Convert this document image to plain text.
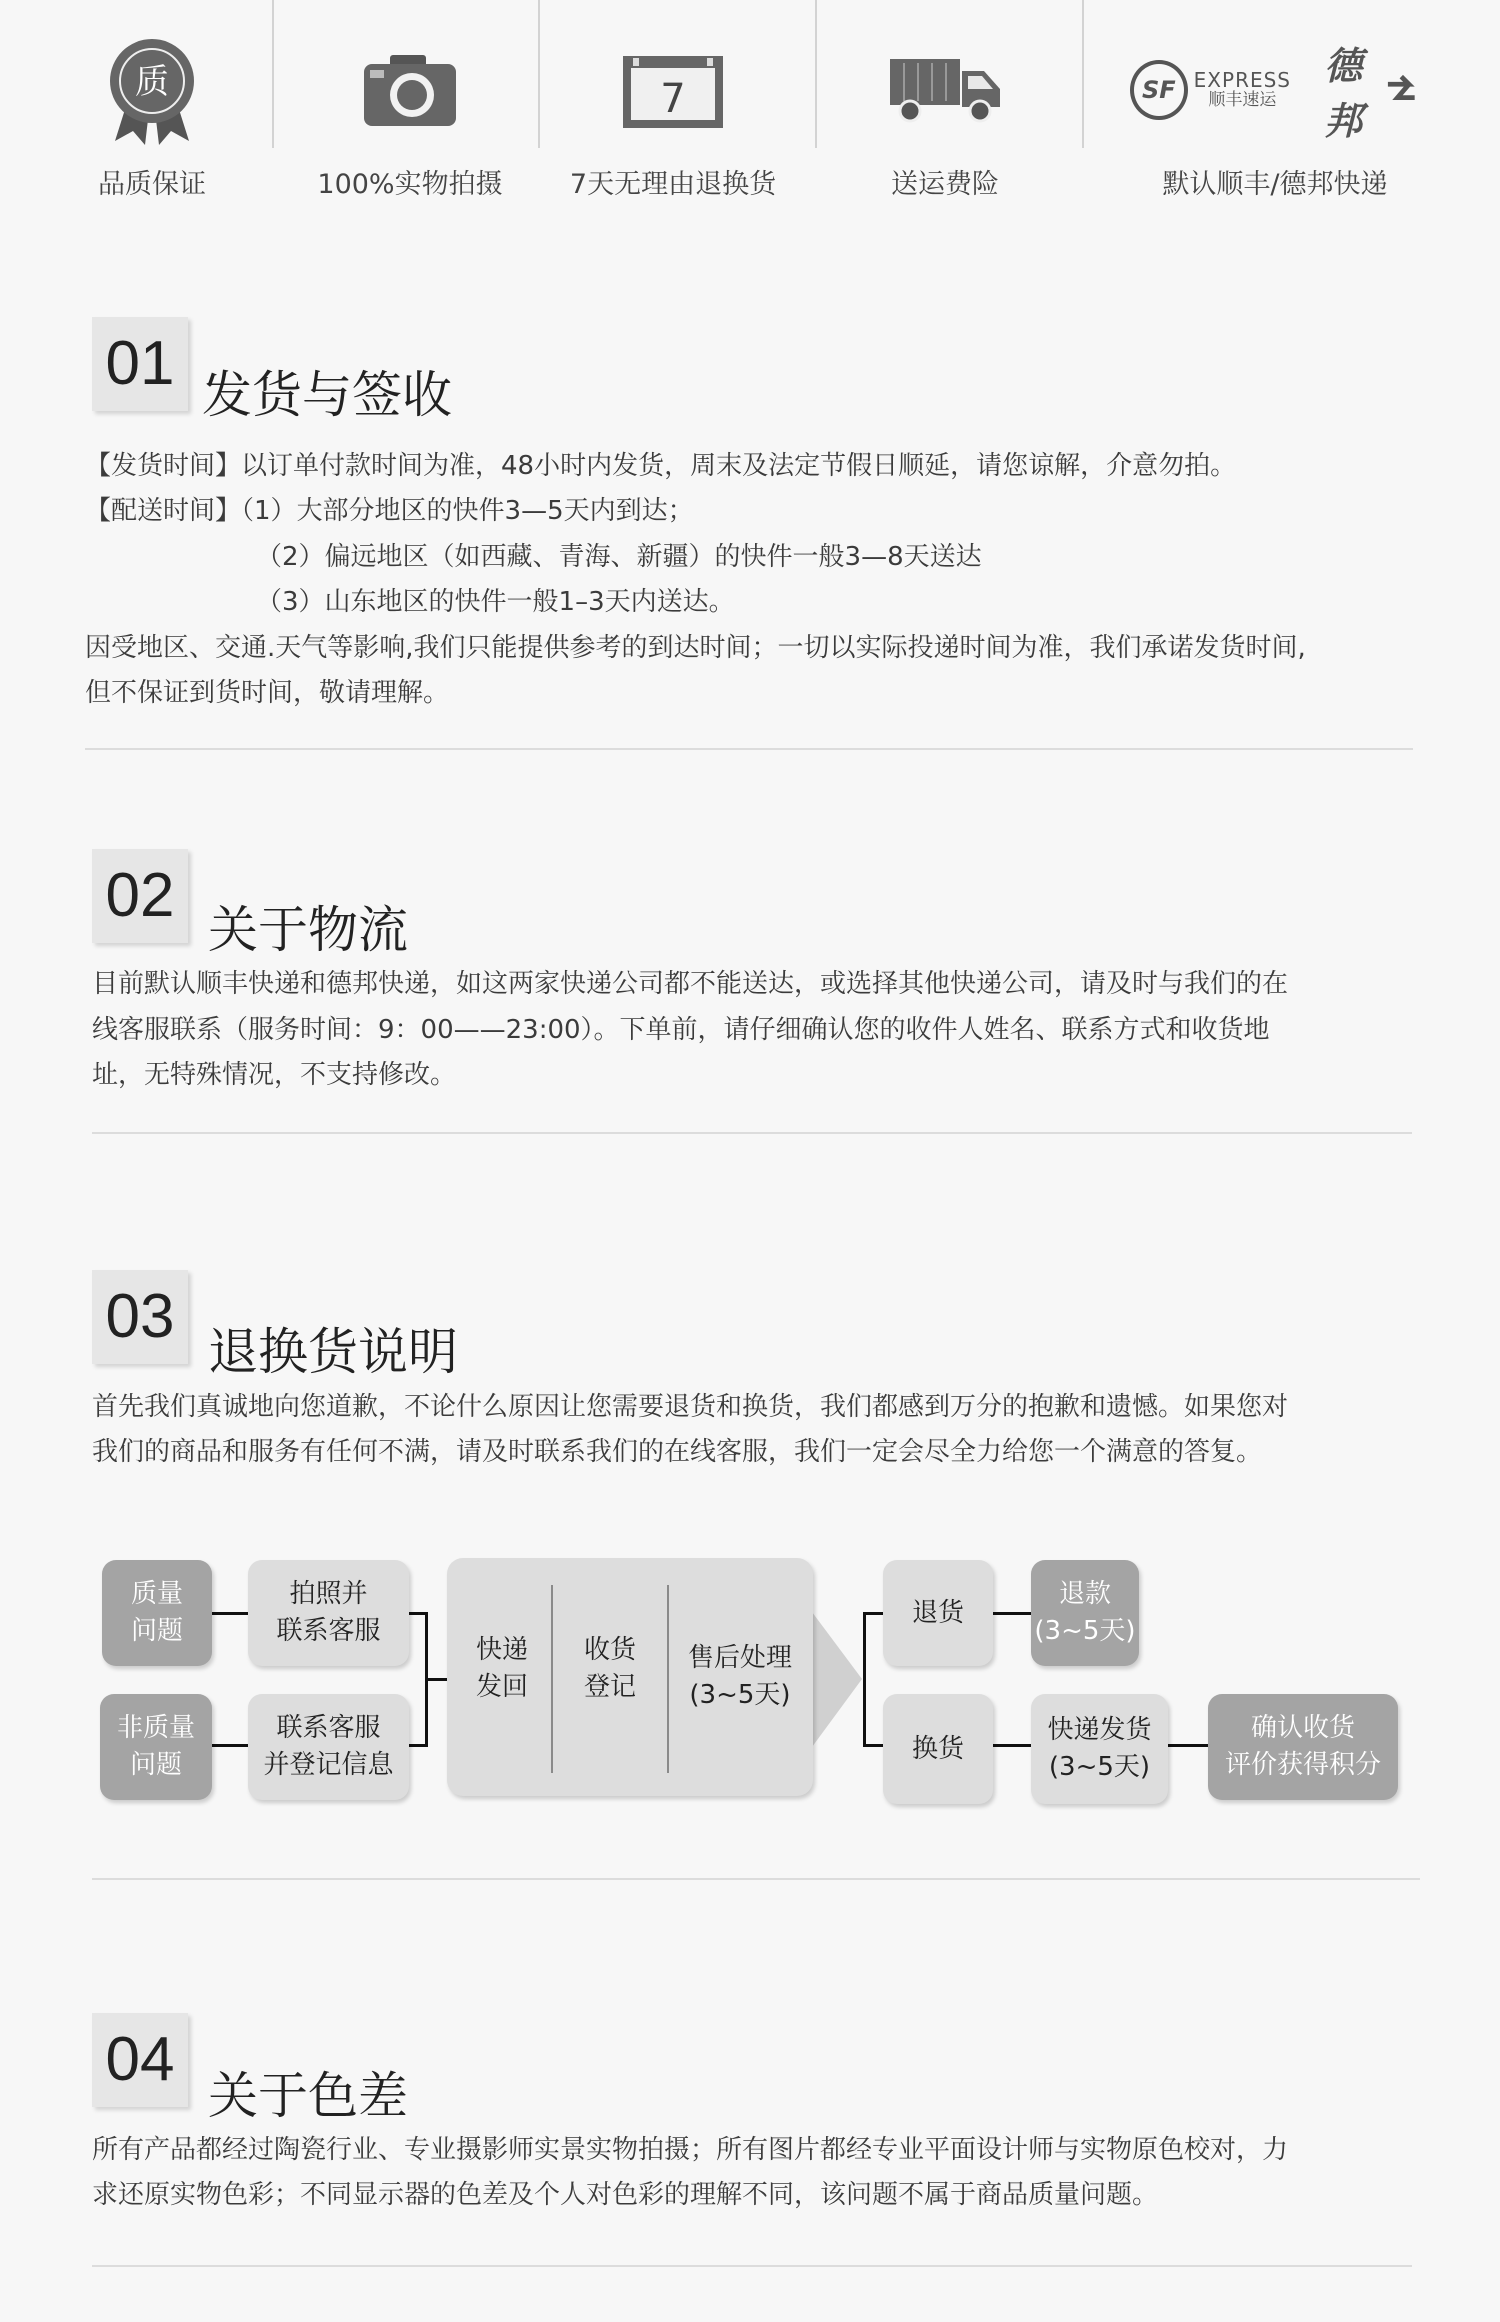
质
品质保证	100%实物拍摄
7
7天无理由退换货	送运费险
SF EXPRESS
顺丰速运
德邦
默认顺丰/德邦快递
01 发货与签收
【发货时间】以订单付款时间为准，48小时内发货，周末及法定节假日顺延，请您谅解，介意勿拍。
【配送时间】（1）大部分地区的快件3—5天内到达；
（2）偏远地区（如西藏、青海、新疆）的快件一般3—8天送达
（3）山东地区的快件一般1–3天内送达。
因受地区、交通.天气等影响,我们只能提供参考的到达时间；一切以实际投递时间为准，我们承诺发货时间,
但不保证到货时间，敬请理解。
02 关于物流
目前默认顺丰快递和德邦快递，如这两家快递公司都不能送达，或选择其他快递公司，请及时与我们的在
线客服联系（服务时间：9：00——23:00）。下单前，请仔细确认您的收件人姓名、联系方式和收货地
址，无特殊情况，不支持修改。
03
退换货说明
首先我们真诚地向您道歉，不论什么原因让您需要退货和换货，我们都感到万分的抱歉和遗憾。如果您对
我们的商品和服务有任何不满，请及时联系我们的在线客服，我们一定会尽全力给您一个满意的答复。
质量
问题
非质量
问题
拍照并
联系客服
联系客服
并登记信息
快递
发回
收货
登记
售后处理
(3~5天)
退货
退款
(3~5天)
换货
快递发货
(3~5天)
确认收货
评价获得积分
04
关于色差
所有产品都经过陶瓷行业、专业摄影师实景实物拍摄；所有图片都经专业平面设计师与实物原色校对，力
求还原实物色彩；不同显示器的色差及个人对色彩的理解不同，该问题不属于商品质量问题。
